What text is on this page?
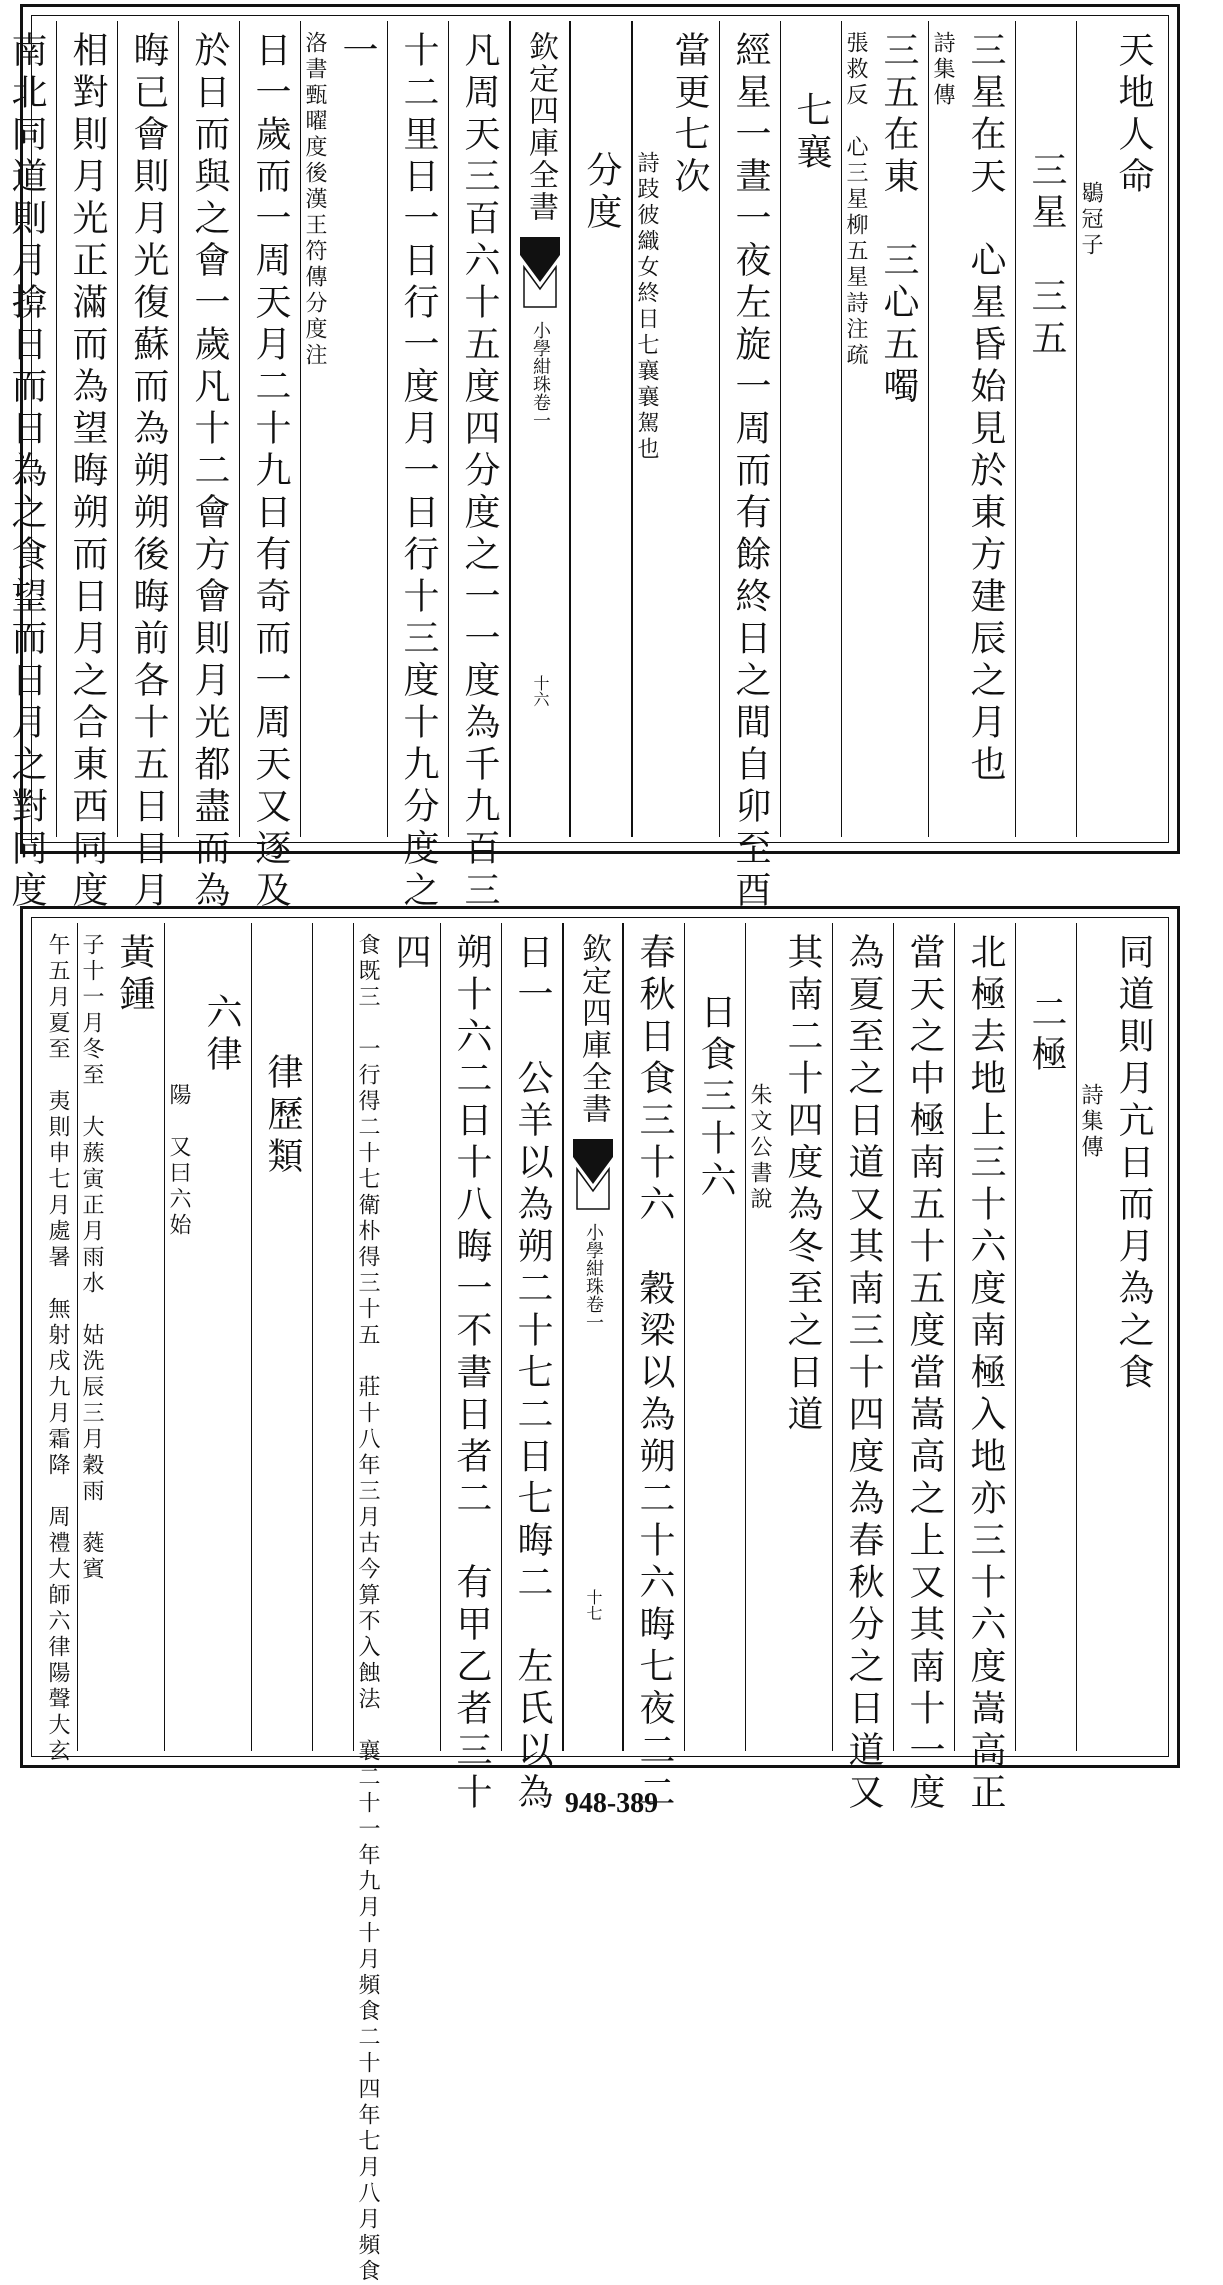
天地人命
鶡冠子
三星　三五
三星在天　心星昏始見於東方建辰之月也
詩集傳
三五在東　三心五噣
張救反　心三星柳五星詩注疏
七襄
經星一晝一夜左旋一周而有餘終日之間自卯至酉
當更七次
詩跂彼織女終日七襄襄駕也
分度
欽定四庫全書
小學紺珠
卷一
十六
凡周天三百六十五度四分度之一一度為千九百三
十二里日一日行一度月一日行十三度十九分度之
一
洛書甄曜度後漢王符傳分度注
日一歲而一周天月二十九日有奇而一周天又逐及
於日而與之會一歲凡十二會方會則月光都盡而為
晦已會則月光復蘇而為朔朔後晦前各十五日日月
相對則月光正滿而為望晦朔而日月之合東西同度
南北同道則月揜日而日為之食望而日月之對同度
同道則月亢日而月為之食
詩集傳
二極
北極去地上三十六度南極入地亦三十六度嵩高正
當天之中極南五十五度當嵩高之上又其南十一度
為夏至之日道又其南三十四度為春秋分之日道又
其南二十四度為冬至之日道
朱文公書說
日食三十六
春秋日食三十六　穀梁以為朔二十六晦七夜二二
欽定四庫全書
小學紺珠
卷一
十七
日一　公羊以為朔二十七二日七晦二　左氏以為
朔十六二日十八晦一不書日者二　有甲乙者三十
四
食既三　一行得二十七衛朴得三十五　莊十八年三月古今算不入蝕法　襄二十一年九月十月頻食二十四年七月八月頻食
律歷類
六律
陽　又曰六始
黃鍾
子十一月冬至　大蔟寅正月雨水　姑洗辰三月穀雨　蕤賓
午五月夏至　夷則申七月處暑　無射戌九月霜降　周禮大師六律陽聲大玄
948-389
